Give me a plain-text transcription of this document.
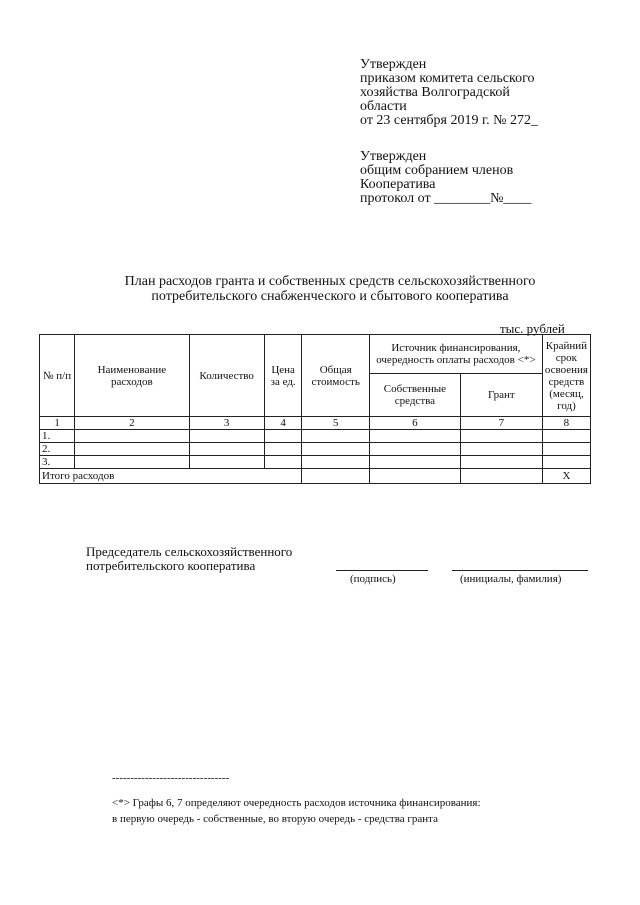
Утвержден
приказом комитета сельского
хозяйства Волгоградской
области
от 23 сентября 2019 г. № 272_
Утвержден
общим собранием членов
Кооператива
протокол от ________№____
План расходов гранта и собственных средств сельскохозяйственного
потребительского снабженческого и сбытового кооператива
тыс. рублей
№ п/п	Наименование расходов	Количество	Цена за ед.	Общая стоимость	Источник финансирования, очередность оплаты расходов <*>		Крайний срок освоения средств (месяц, год)
					Собственные средства	Грант	
1	2	3	4	5	6	7	8
1.							
2.							
3.							
Итого расходов							X
Председатель сельскохозяйственного
потребительского кооператива
(подпись)	(инициалы, фамилия)
--------------------------------
<*> Графы 6, 7 определяют очередность расходов источника финансирования:
в первую очередь - собственные, во вторую очередь - средства гранта
